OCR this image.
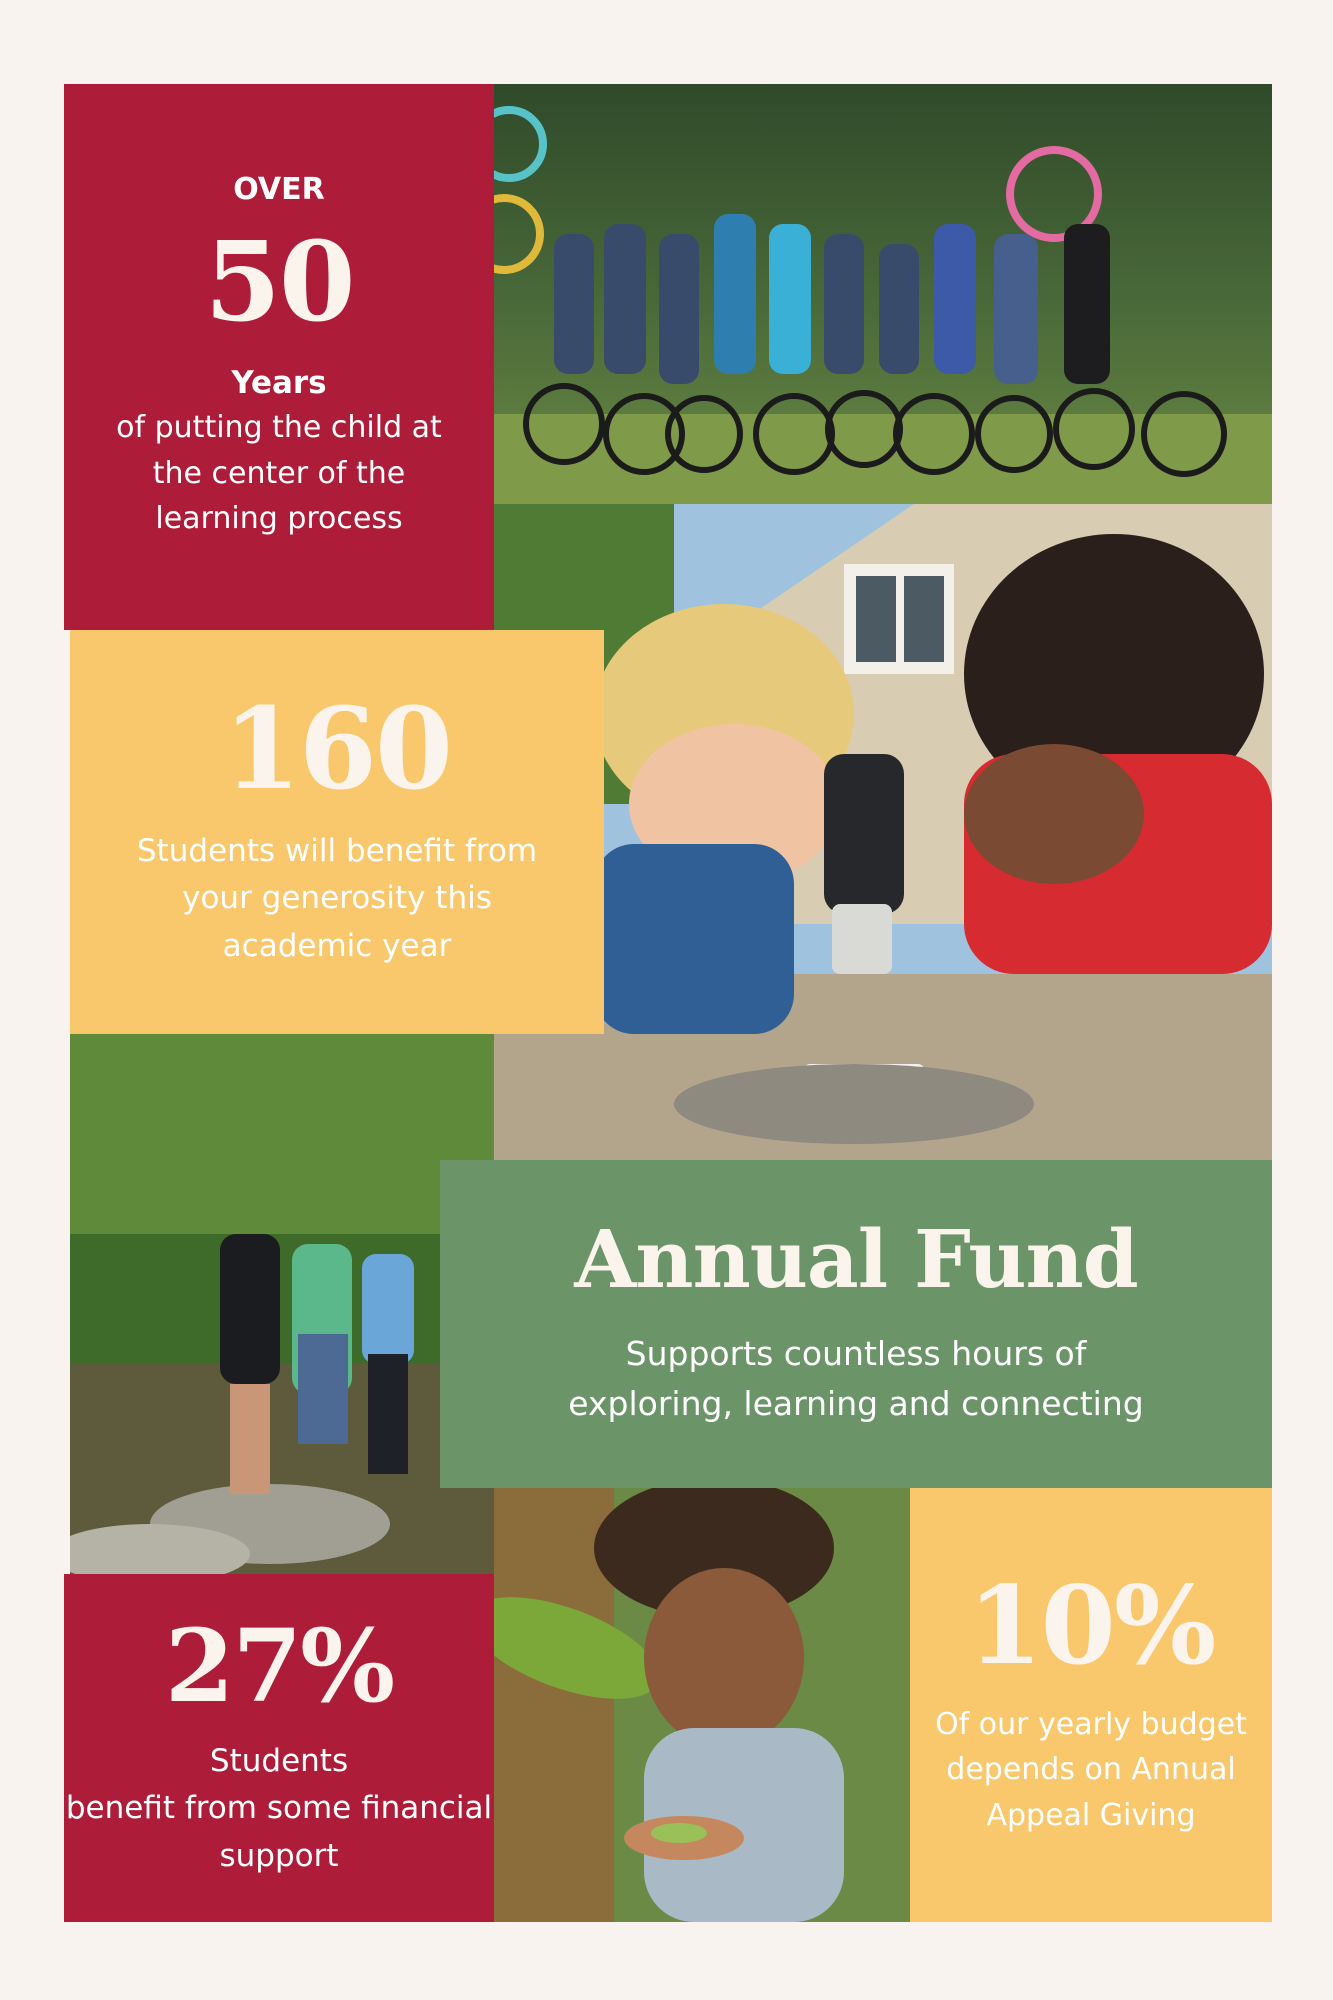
OVER
50
Years
of putting the child at
the center of the
learning process
160
Students will benefit from
your generosity this
academic year
Annual Fund
Supports countless hours of
exploring, learning and connecting
27%
Students
benefit from some financial
support
10%
Of our yearly budget
depends on Annual
Appeal Giving
